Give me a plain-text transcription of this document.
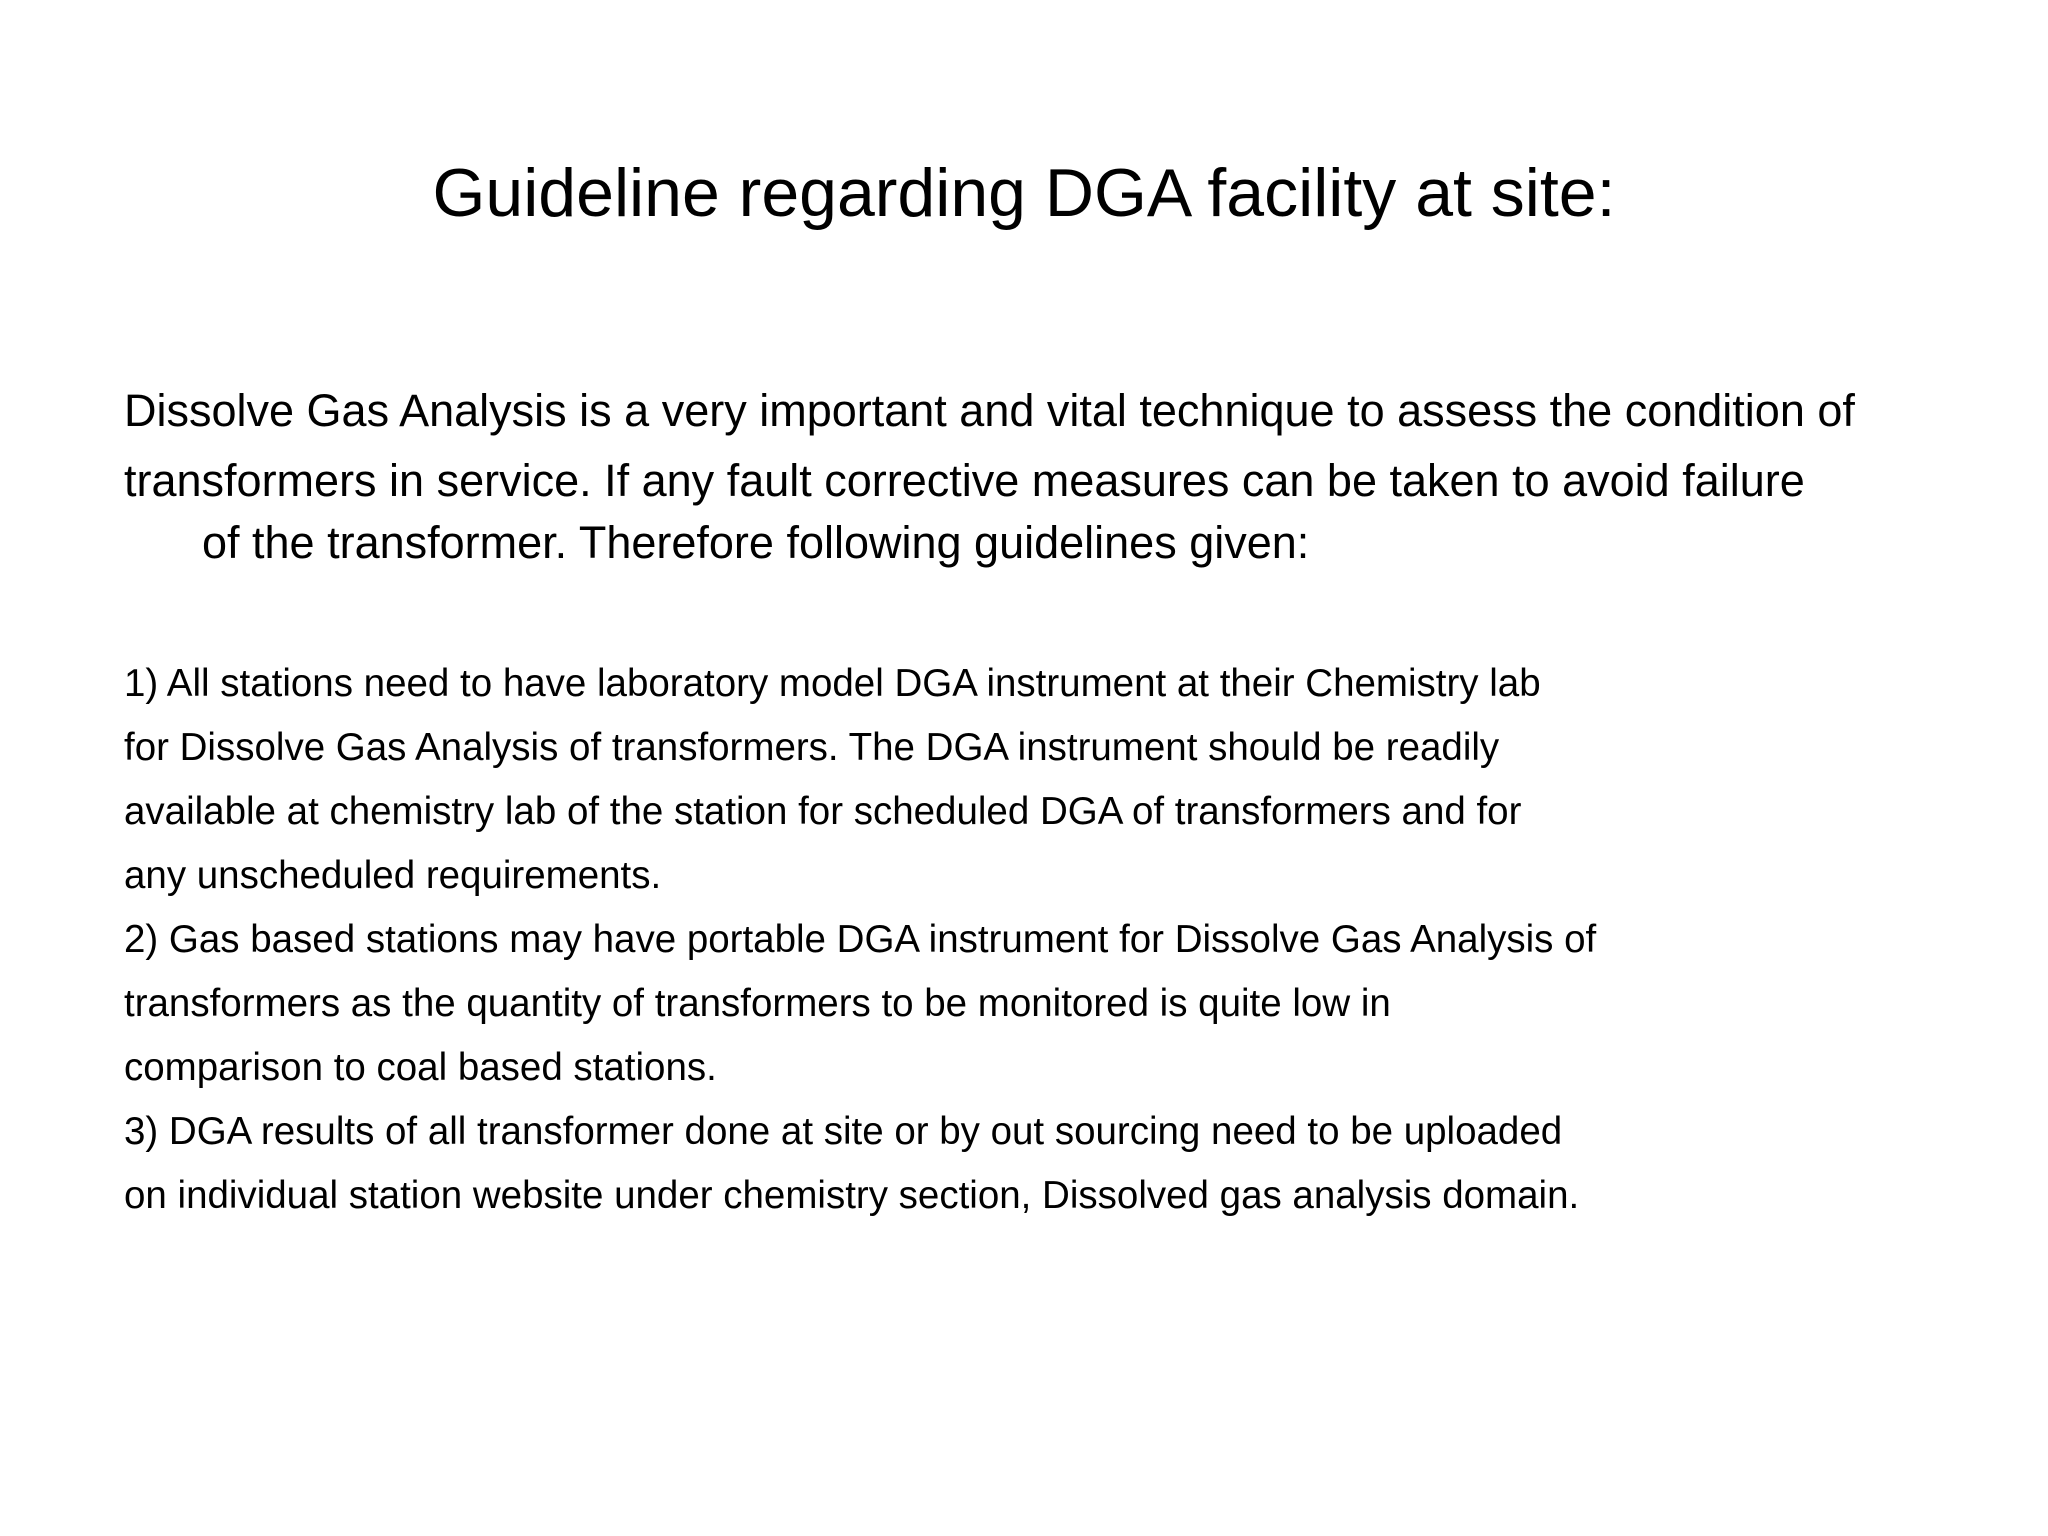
Guideline regarding DGA facility at site:

Dissolve Gas Analysis is a very important and vital technique to assess the condition of
transformers in service. If any fault corrective measures can be taken to avoid failure
of the transformer. Therefore following guidelines given:

1) All stations need to have laboratory model DGA instrument at their Chemistry lab
for Dissolve Gas Analysis of transformers. The DGA instrument should be readily
available at chemistry lab of the station for scheduled DGA of transformers and for
any unscheduled requirements.
2) Gas based stations may have portable DGA instrument for Dissolve Gas Analysis of
transformers as the quantity of transformers to be monitored is quite low in
comparison to coal based stations.
3) DGA results of all transformer done at site or by out sourcing need to be uploaded
on individual station website under chemistry section, Dissolved gas analysis domain.
